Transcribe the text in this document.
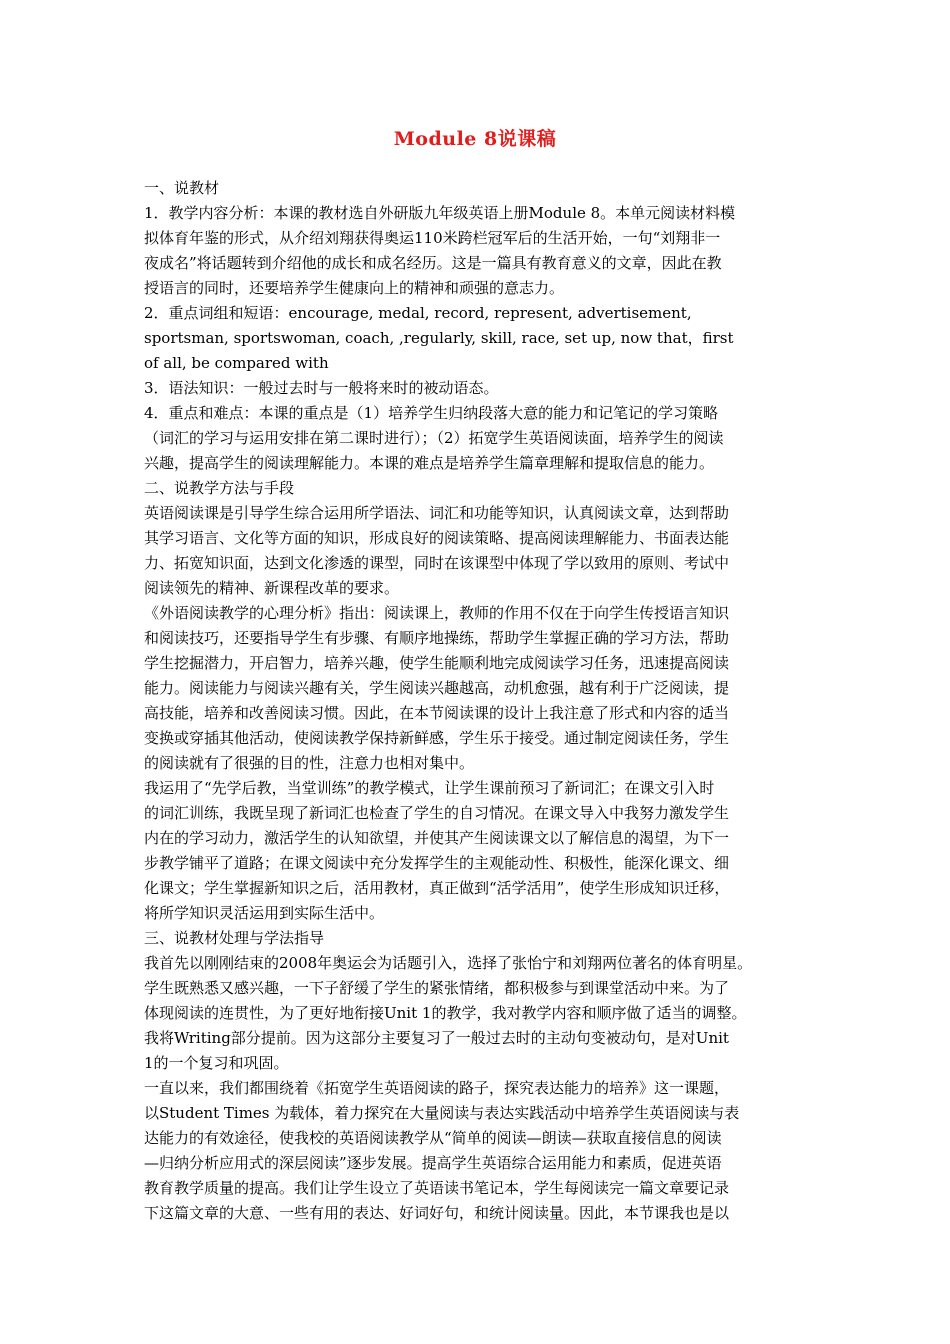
Module 8说课稿
一、说教材
1．教学内容分析：本课的教材选自外研版九年级英语上册Module 8。本单元阅读材料模
拟体育年鉴的形式，从介绍刘翔获得奥运110米跨栏冠军后的生活开始，一句“刘翔非一
夜成名”将话题转到介绍他的成长和成名经历。这是一篇具有教育意义的文章，因此在教
授语言的同时，还要培养学生健康向上的精神和顽强的意志力。
2．重点词组和短语：encourage, medal, record, represent, advertisement,
sportsman, sportswoman, coach, ,regularly, skill, race, set up, now that，first
of all, be compared with
3．语法知识：一般过去时与一般将来时的被动语态。
4．重点和难点：本课的重点是（1）培养学生归纳段落大意的能力和记笔记的学习策略
（词汇的学习与运用安排在第二课时进行）；（2）拓宽学生英语阅读面，培养学生的阅读
兴趣，提高学生的阅读理解能力。本课的难点是培养学生篇章理解和提取信息的能力。
二、说教学方法与手段
英语阅读课是引导学生综合运用所学语法、词汇和功能等知识，认真阅读文章，达到帮助
其学习语言、文化等方面的知识，形成良好的阅读策略、提高阅读理解能力、书面表达能
力、拓宽知识面，达到文化渗透的课型，同时在该课型中体现了学以致用的原则、考试中
阅读领先的精神、新课程改革的要求。
《外语阅读教学的心理分析》指出：阅读课上，教师的作用不仅在于向学生传授语言知识
和阅读技巧，还要指导学生有步骤、有顺序地操练，帮助学生掌握正确的学习方法，帮助
学生挖掘潜力，开启智力，培养兴趣，使学生能顺利地完成阅读学习任务，迅速提高阅读
能力。阅读能力与阅读兴趣有关，学生阅读兴趣越高，动机愈强，越有利于广泛阅读，提
高技能，培养和改善阅读习惯。因此，在本节阅读课的设计上我注意了形式和内容的适当
变换或穿插其他活动，使阅读教学保持新鲜感，学生乐于接受。通过制定阅读任务，学生
的阅读就有了很强的目的性，注意力也相对集中。
我运用了“先学后教，当堂训练”的教学模式，让学生课前预习了新词汇；在课文引入时
的词汇训练，我既呈现了新词汇也检查了学生的自习情况。在课文导入中我努力激发学生
内在的学习动力，激活学生的认知欲望，并使其产生阅读课文以了解信息的渴望，为下一
步教学铺平了道路；在课文阅读中充分发挥学生的主观能动性、积极性，能深化课文、细
化课文；学生掌握新知识之后，活用教材，真正做到“活学活用”，使学生形成知识迁移，
将所学知识灵活运用到实际生活中。
三、说教材处理与学法指导
我首先以刚刚结束的2008年奥运会为话题引入，选择了张怡宁和刘翔两位著名的体育明星。
学生既熟悉又感兴趣，一下子舒缓了学生的紧张情绪，都积极参与到课堂活动中来。为了
体现阅读的连贯性，为了更好地衔接Unit 1的教学，我对教学内容和顺序做了适当的调整。
我将Writing部分提前。因为这部分主要复习了一般过去时的主动句变被动句，是对Unit
1的一个复习和巩固。
一直以来，我们都围绕着《拓宽学生英语阅读的路子，探究表达能力的培养》这一课题，
以Student Times 为载体，着力探究在大量阅读与表达实践活动中培养学生英语阅读与表
达能力的有效途径，使我校的英语阅读教学从“简单的阅读—朗读—获取直接信息的阅读
—归纳分析应用式的深层阅读”逐步发展。提高学生英语综合运用能力和素质，促进英语
教育教学质量的提高。我们让学生设立了英语读书笔记本，学生每阅读完一篇文章要记录
下这篇文章的大意、一些有用的表达、好词好句，和统计阅读量。因此，本节课我也是以
